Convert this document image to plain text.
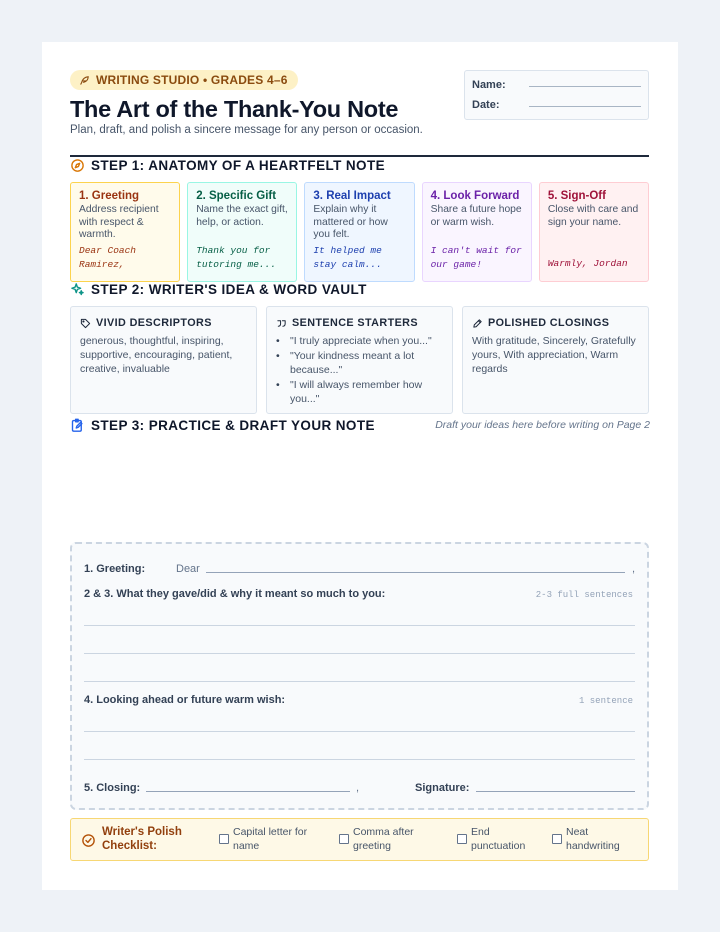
WRITING STUDIO • GRADES 4–6
The Art of the Thank-You Note
Plan, draft, and polish a sincere message for any person or occasion.
Name:
Date:
STEP 1: ANATOMY OF A HEARTFELT NOTE
1. Greeting
Address recipient with respect & warmth.
Dear Coach Ramirez,
2. Specific Gift
Name the exact gift, help, or action.
Thank you for tutoring me...
3. Real Impact
Explain why it mattered or how you felt.
It helped me stay calm...
4. Look Forward
Share a future hope or warm wish.
I can't wait for our game!
5. Sign-Off
Close with care and sign your name.
Warmly, Jordan
STEP 2: WRITER'S IDEA & WORD VAULT
VIVID DESCRIPTORS
generous, thoughtful, inspiring, supportive, encouraging, patient, creative, invaluable
SENTENCE STARTERS
• "I truly appreciate when you..."
• "Your kindness meant a lot because..."
• "I will always remember how you..."
POLISHED CLOSINGS
With gratitude, Sincerely, Gratefully yours, With appreciation, Warm regards
STEP 3: PRACTICE & DRAFT YOUR NOTE	Draft your ideas here before writing on Page 2
1. Greeting:	Dear	,
2 & 3. What they gave/did & why it meant so much to you:	2-3 full sentences
4. Looking ahead or future warm wish:	1 sentence
5. Closing:	,	Signature:
Writer's Polish Checklist:
Capital letter for name
Comma after greeting
End punctuation
Neat handwriting
